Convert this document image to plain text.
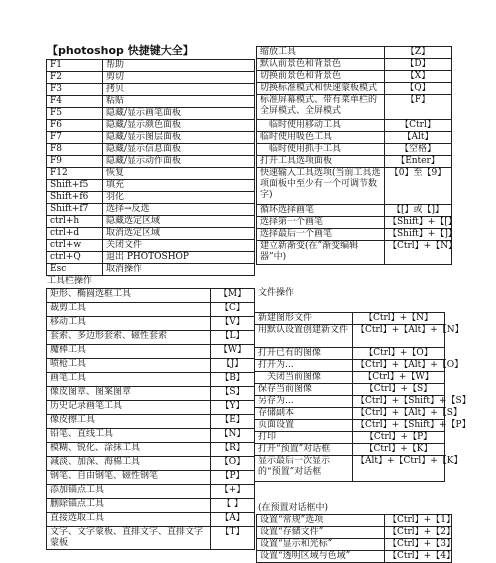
【photoshop 快捷键大全】
F1	帮助
F2	剪切
F3	拷贝
F4	粘贴
F5	隐藏/显示画笔面板
F6	隐藏/显示颜色面板
F7	隐藏/显示图层面板
F8	隐藏/显示信息面板
F9	隐藏/显示动作面板
F12	恢复
Shift+f5	填充
Shift+f6	羽化
Shift+f7	选择→反选
ctrl+h	隐藏选定区域
ctrl+d	取消选定区域
ctrl+w	关闭文件
ctrl+Q	退出 PHOTOSHOP
Esc	取消操作
工具栏操作
矩形、椭圆选框工具	【M】
裁剪工具	【C】
移动工具	【V】
套索、多边形套索、磁性套索	【L】
魔棒工具	【W】
喷枪工具	【J】
画笔工具	【B】
像皮图章、图案图章	【S】
历史记录画笔工具	【Y】
像皮擦工具	【E】
铅笔、直线工具	【N】
模糊、锐化、涂抹工具	【R】
减淡、加深、海棉工具	【O】
钢笔、自由钢笔、磁性钢笔	【P】
添加锚点工具	【+】
删除锚点工具	【 】
直接选取工具	【A】
文字、文字蒙板、直排文字、直排文字蒙板	【T】
缩放工具	【Z】
默认前景色和背景色	【D】
切换前景色和背景色	【X】
切换标准模式和快速蒙板模式	【Q】
标准屏幕模式、带有菜单栏的全屏模式、全屏模式	【F】
　临时使用移动工具	【Ctrl】
临时使用吸色工具	【Alt】
　临时使用抓手工具	【空格】
打开工具选项面板	【Enter】
快速输入工具选项(当前工具选项面板中至少有一个可调节数字)	【0】至【9】
循环选择画笔	【[】或【]】
选择第一个画笔	【Shift】+【[】
选择最后一个画笔	【Shift】+【]】
建立新渐变(在”渐变编辑器”中)	【Ctrl】+【N】
文件操作
新建图形文件	【Ctrl】+【N】
用默认设置创建新文件	【Ctrl】+【Alt】+【N】
打开已有的图像	【Ctrl】+【O】
打开为...	【Ctrl】+【Alt】+【O】
　关闭当前图像	【Ctrl】+【W】
保存当前图像	【Ctrl】+【S】
另存为...	【Ctrl】+【Shift】+【S】
存储副本	【Ctrl】+【Alt】+【S】
页面设置	【Ctrl】+【Shift】+【P】
打印	【Ctrl】+【P】
打开“预置”对话框	【Ctrl】+【K】
显示最后一次显示的“预置”对话框	【Alt】+【Ctrl】+【K】
(在预置对话框中)
设置“常规”选项	【Ctrl】+【1】
设置“存储文件”	【Ctrl】+【2】
设置“显示和光标”	【Ctrl】+【3】
设置“透明区域与色域”	【Ctrl】+【4】
